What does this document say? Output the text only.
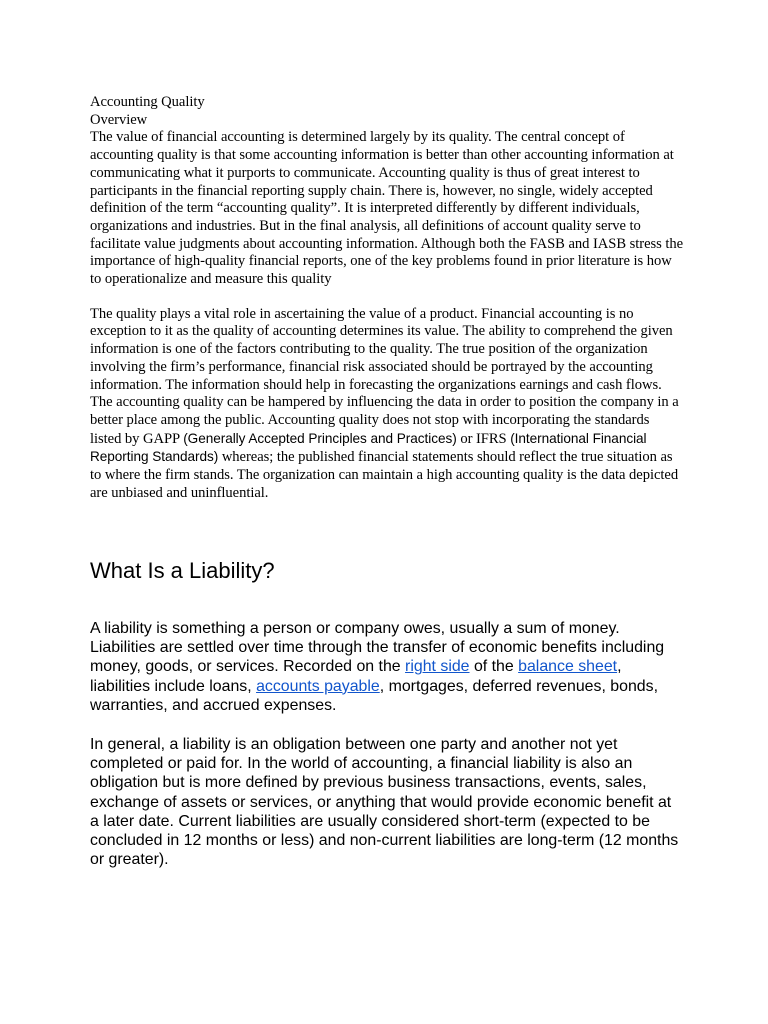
Accounting Quality

Overview

The value of financial accounting is determined largely by its quality. The central concept of accounting quality is that some accounting information is better than other accounting information at communicating what it purports to communicate. Accounting quality is thus of great interest to participants in the financial reporting supply chain. There is, however, no single, widely accepted definition of the term “accounting quality”. It is interpreted differently by different individuals, organizations and industries. But in the final analysis, all definitions of account quality serve to facilitate value judgments about accounting information. Although both the FASB and IASB stress the importance of high-quality financial reports, one of the key problems found in prior literature is how to operationalize and measure this quality

The quality plays a vital role in ascertaining the value of a product. Financial accounting is no exception to it as the quality of accounting determines its value. The ability to comprehend the given information is one of the factors contributing to the quality. The true position of the organization involving the firm’s performance, financial risk associated should be portrayed by the accounting information. The information should help in forecasting the organizations earnings and cash flows. The accounting quality can be hampered by influencing the data in order to position the company in a better place among the public. Accounting quality does not stop with incorporating the standards listed by GAPP (Generally Accepted Principles and Practices) or IFRS (International Financial Reporting Standards) whereas; the published financial statements should reflect the true situation as to where the firm stands. The organization can maintain a high accounting quality is the data depicted are unbiased and uninfluential.

What Is a Liability?

A liability is something a person or company owes, usually a sum of money. Liabilities are settled over time through the transfer of economic benefits including money, goods, or services. Recorded on the right side of the balance sheet, liabilities include loans, accounts payable, mortgages, deferred revenues, bonds, warranties, and accrued expenses.

In general, a liability is an obligation between one party and another not yet completed or paid for. In the world of accounting, a financial liability is also an obligation but is more defined by previous business transactions, events, sales, exchange of assets or services, or anything that would provide economic benefit at a later date. Current liabilities are usually considered short-term (expected to be concluded in 12 months or less) and non-current liabilities are long-term (12 months or greater).
